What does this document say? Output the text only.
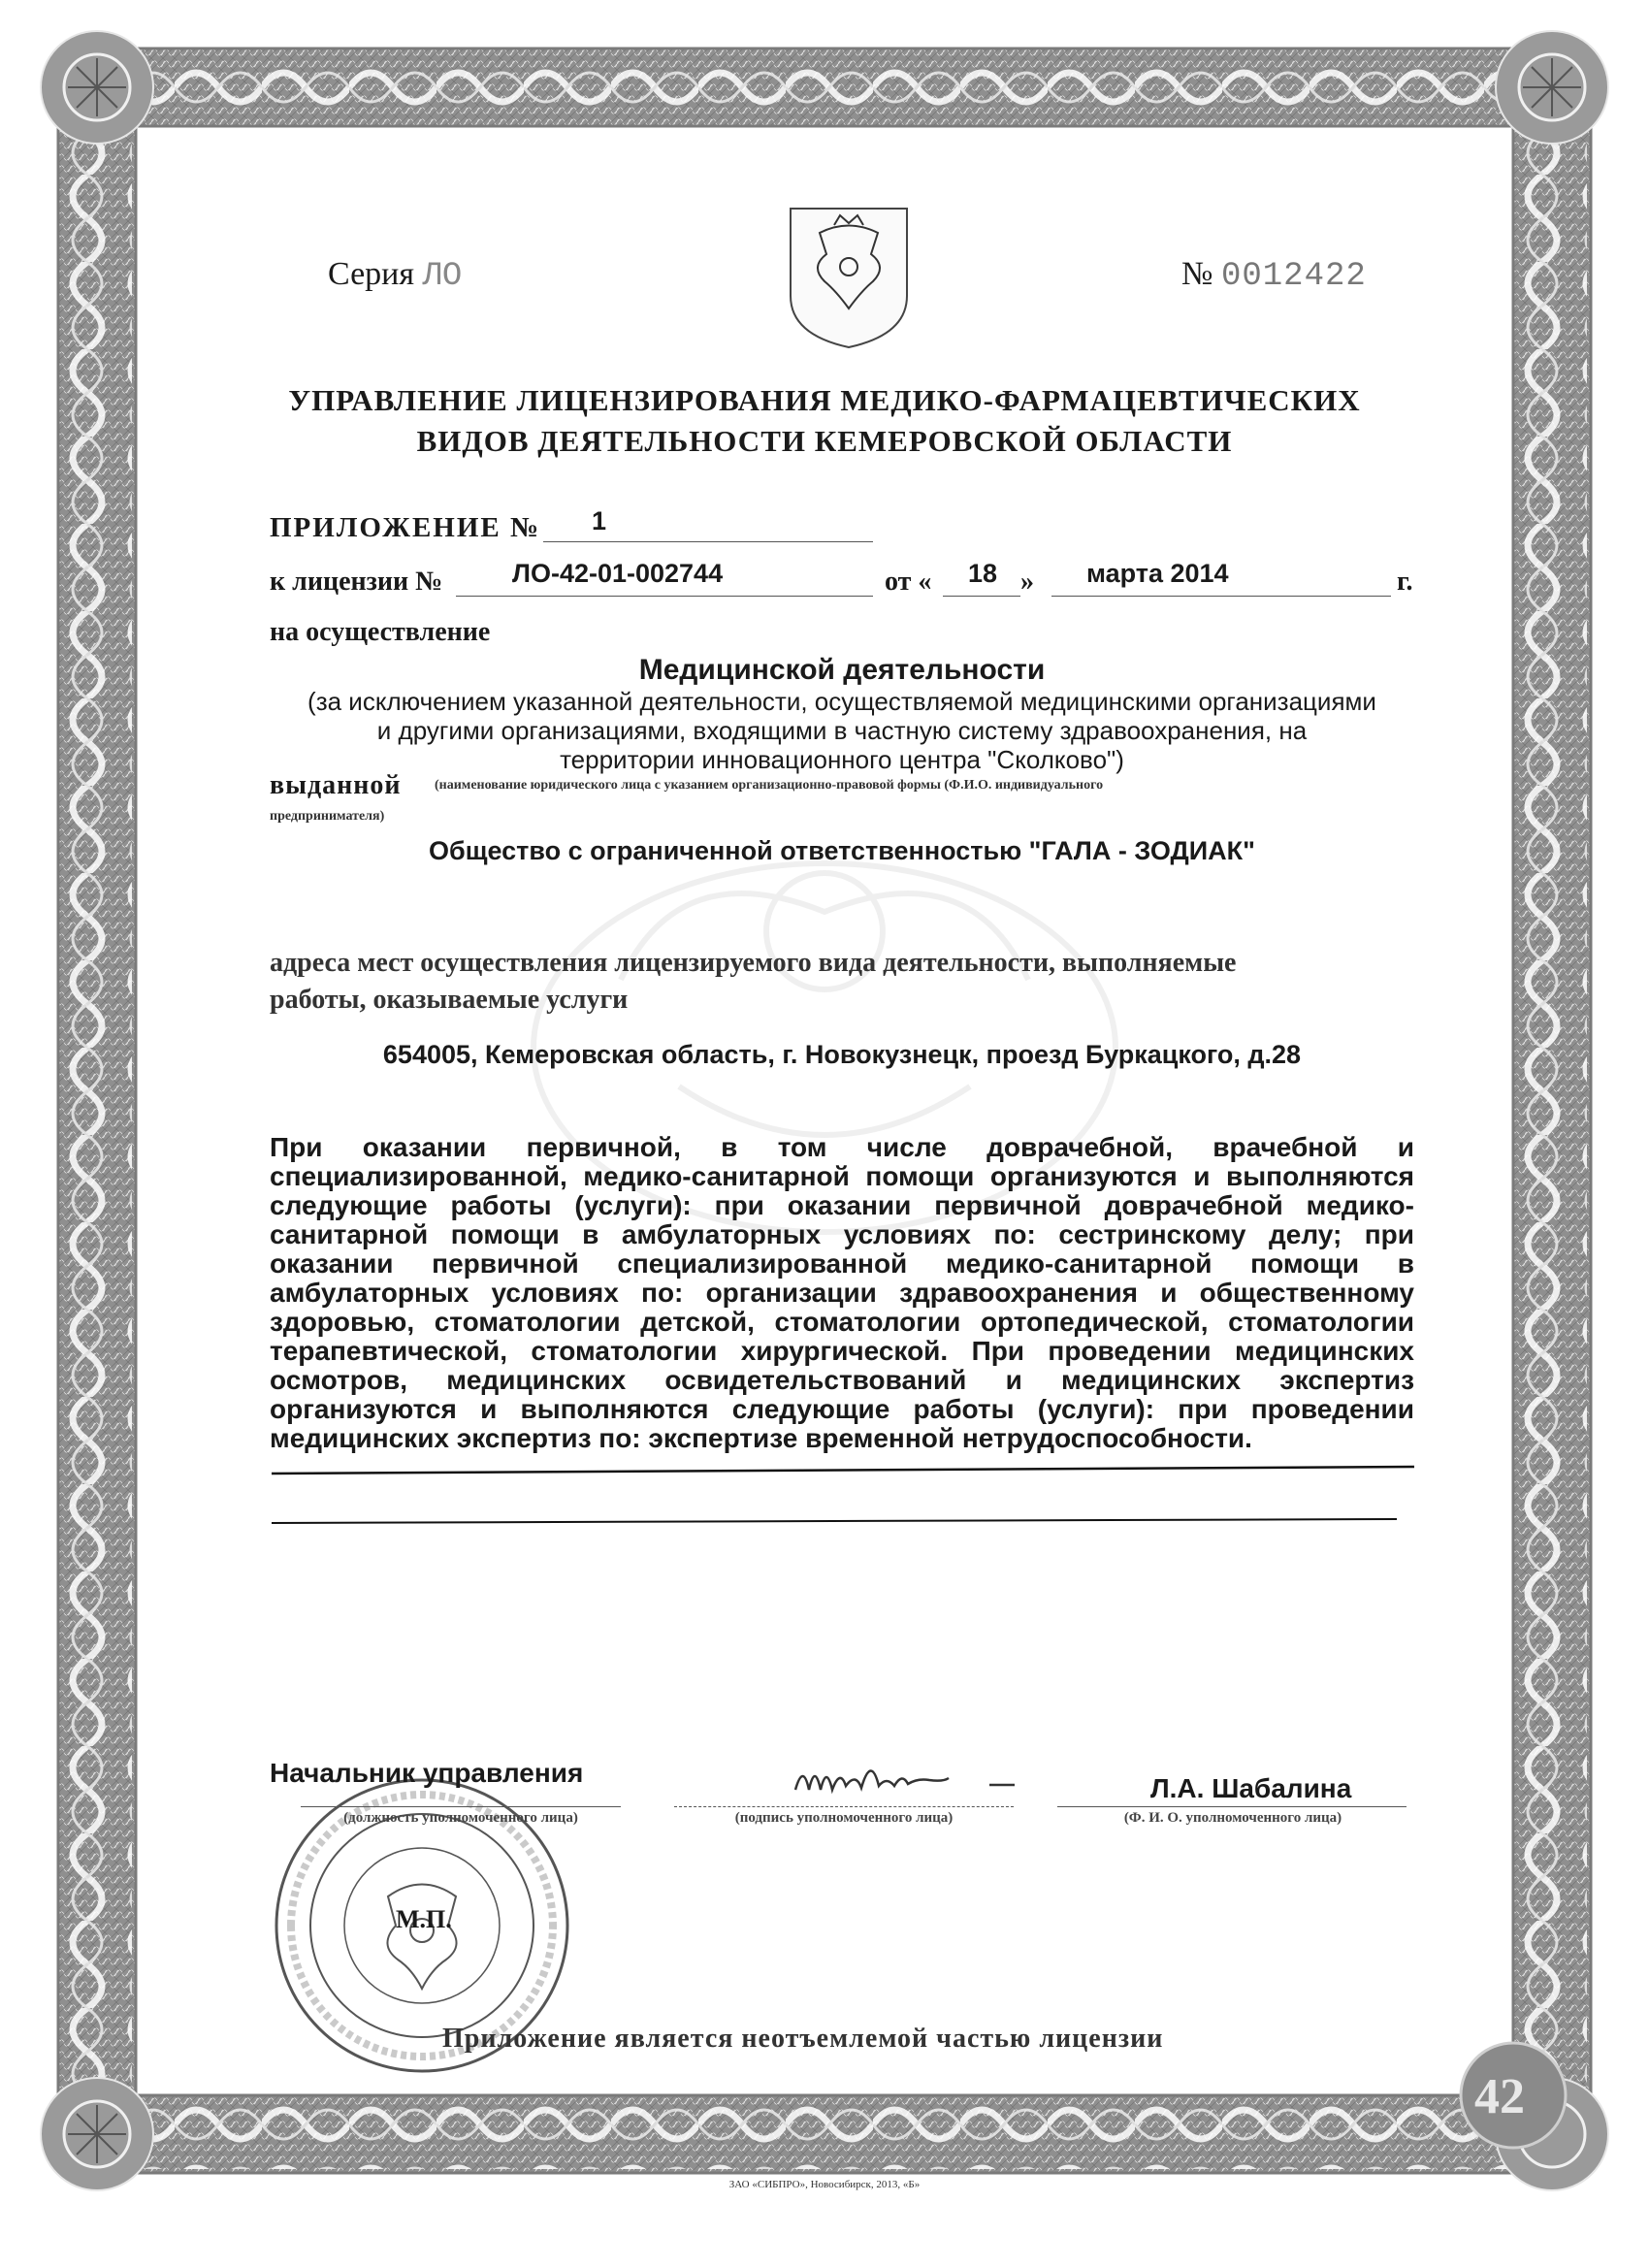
Серия ЛО	№ 0012422
УПРАВЛЕНИЕ ЛИЦЕНЗИРОВАНИЯ МЕДИКО-ФАРМАЦЕВТИЧЕСКИХ
ВИДОВ ДЕЯТЕЛЬНОСТИ КЕМЕРОВСКОЙ ОБЛАСТИ
ПРИЛОЖЕНИЕ № 1
к лицензии №	ЛО-42-01-002744	от « 18 » марта 2014	г.
на осуществление
Медицинской деятельности
(за исключением указанной деятельности, осуществляемой медицинскими организациями
и другими организациями, входящими в частную систему здравоохранения, на
территории инновационного центра "Сколково")
выданной (наименование юридического лица с указанием организационно-правовой формы (Ф.И.О. индивидуального
предпринимателя)
Общество с ограниченной ответственностью "ГАЛА - ЗОДИАК"
адреса мест осуществления лицензируемого вида деятельности, выполняемые
работы, оказываемые услуги
654005, Кемеровская область, г. Новокузнецк, проезд Буркацкого, д.28
При оказании первичной, в том числе доврачебной, врачебной и
специализированной, медико-санитарной помощи организуются и выполняются
следующие работы (услуги): при оказании первичной доврачебной медико-
санитарной помощи в амбулаторных условиях по: сестринскому делу; при
оказании первичной специализированной медико-санитарной помощи в
амбулаторных условиях по: организации здравоохранения и общественному
здоровью, стоматологии детской, стоматологии ортопедической, стоматологии
терапевтической, стоматологии хирургической. При проведении медицинских
осмотров, медицинских освидетельствований и медицинских экспертиз
организуются и выполняются следующие работы (услуги): при проведении
медицинских экспертиз по: экспертизе временной нетрудоспособности.
Начальник управления
(должность уполномоченного лица)	(подпись уполномоченного лица)
Л.А. Шабалина
(Ф. И. О. уполномоченного лица)
М.П.
Приложение является неотъемлемой частью лицензии
42
ЗАО «СИБПРО», Новосибирск, 2013, «Б»
